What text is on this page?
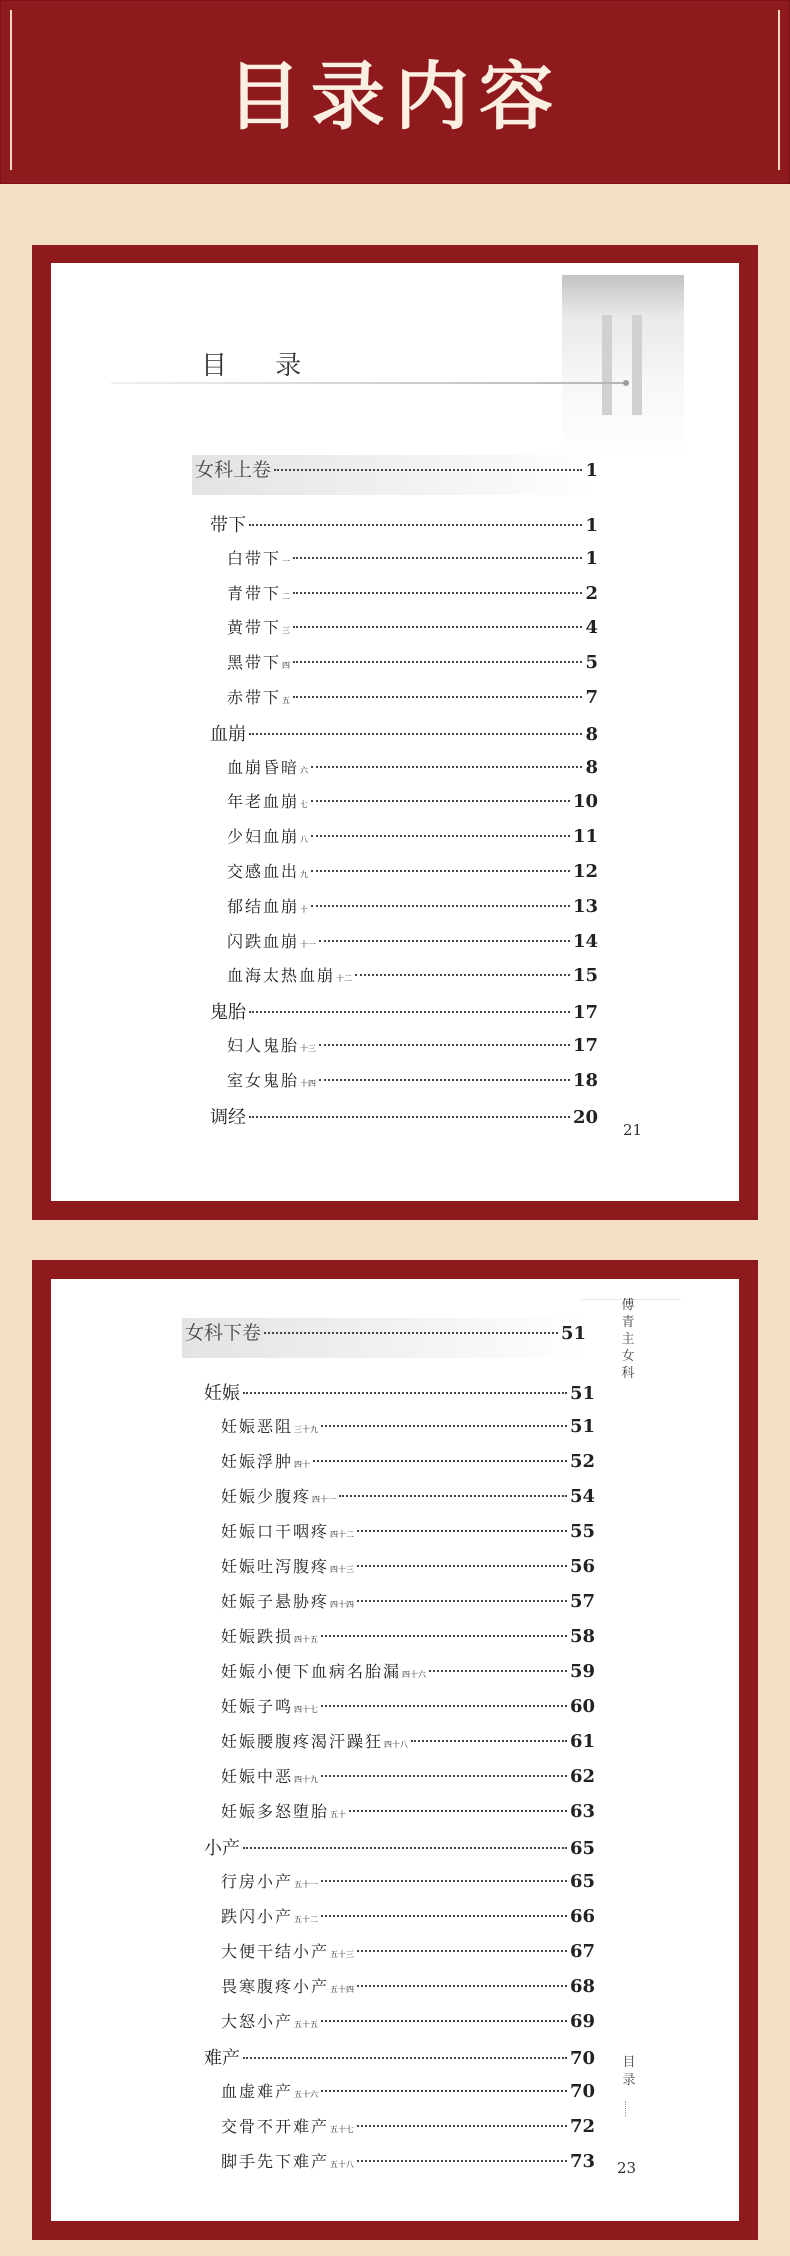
目录内容
目 录
女科上卷	1
带下	1
白带下 一	1
青带下 二	2
黄带下 三	4
黑带下 四	5
赤带下 五	7
血崩	8
血崩昏暗 六	8
年老血崩 七	10
少妇血崩 八	11
交感血出 九	12
郁结血崩 十	13
闪跌血崩 十一	14
血海太热血崩 十二	15
鬼胎	17
妇人鬼胎 十三	17
室女鬼胎 十四	18
调经	20
21
傅青主女科
女科下卷	51
妊娠	51
妊娠恶阻 三十九	51
妊娠浮肿 四十	52
妊娠少腹疼 四十一	54
妊娠口干咽疼 四十二	55
妊娠吐泻腹疼 四十三	56
妊娠子悬胁疼 四十四	57
妊娠跌损 四十五	58
妊娠小便下血病名胎漏 四十六	59
妊娠子鸣 四十七	60
妊娠腰腹疼渴汗躁狂 四十八	61
妊娠中恶 四十九	62
妊娠多怒堕胎 五十	63
小产	65
行房小产 五十一	65
跌闪小产 五十二	66
大便干结小产 五十三	67
畏寒腹疼小产 五十四	68
大怒小产 五十五	69
难产	70
血虚难产 五十六	70
交骨不开难产 五十七	72
脚手先下难产 五十八	73
目录
23
